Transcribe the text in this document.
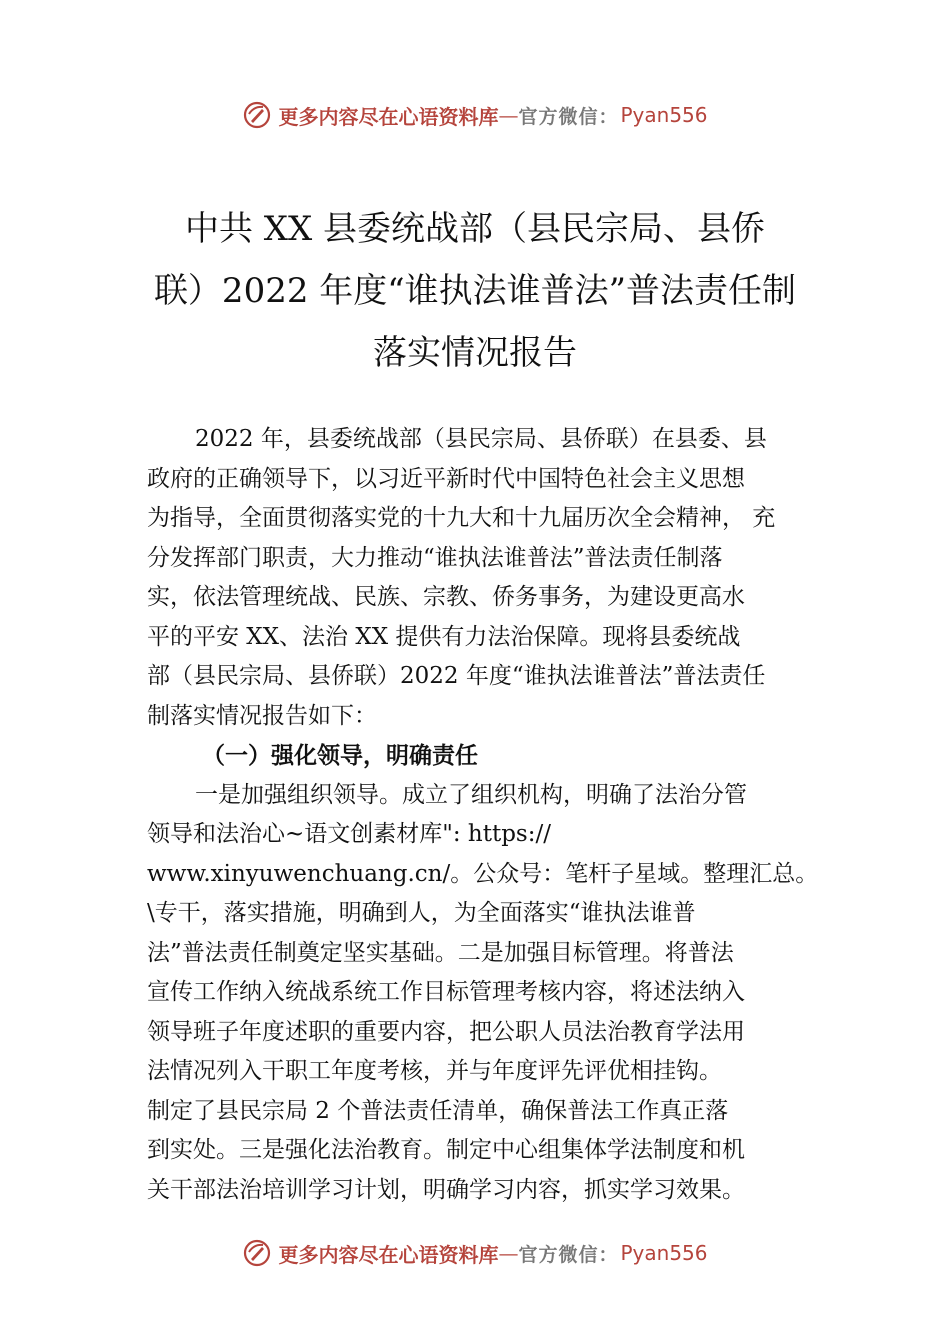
更多内容尽在心语资料库 — 官方微信： Pyan556
中共 XX 县委统战部（县民宗局、县侨
联）2022 年度“谁执法谁普法”普法责任制
落实情况报告
2022 年，县委统战部（县民宗局、县侨联）在县委、县
政府的正确领导下，以习近平新时代中国特色社会主义思想
为指导，全面贯彻落实党的十九大和十九届历次全会精神， 充
分发挥部门职责，大力推动“谁执法谁普法”普法责任制落
实，依法管理统战、民族、宗教、侨务事务，为建设更高水
平的平安 XX、法治 XX 提供有力法治保障。现将县委统战
部（县民宗局、县侨联）2022 年度“谁执法谁普法”普法责任
制落实情况报告如下：
（一）强化领导，明确责任
一是加强组织领导。成立了组织机构，明确了法治分管
领导和法治心~语文创素材库": https://
www.xinyuwenchuang.cn/。公众号：笔杆子星域。整理汇总。
\专干，落实措施，明确到人，为全面落实“谁执法谁普
法”普法责任制奠定坚实基础。二是加强目标管理。将普法
宣传工作纳入统战系统工作目标管理考核内容，将述法纳入
领导班子年度述职的重要内容，把公职人员法治教育学法用
法情况列入干职工年度考核，并与年度评先评优相挂钩。
制定了县民宗局 2 个普法责任清单，确保普法工作真正落
到实处。三是强化法治教育。制定中心组集体学法制度和机
关干部法治培训学习计划，明确学习内容，抓实学习效果。
更多内容尽在心语资料库 — 官方微信： Pyan556
